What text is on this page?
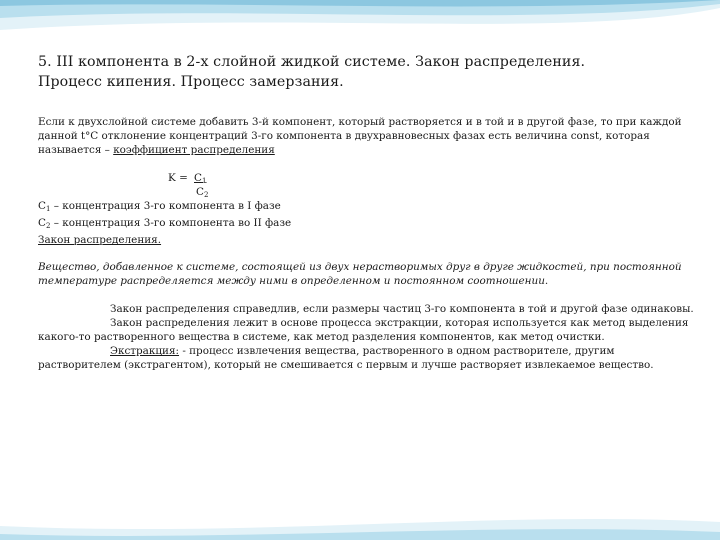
5. III компонента в 2-х слойной жидкой системе. Закон распределения.
Процесс кипения. Процесс замерзания.

Если к двухслойной системе добавить 3-й компонент, который растворяется и в той и в другой фазе, то при каждой данной t°С отклонение концентраций 3-го компонента в двухравновесных фазах есть величина const, которая называется – коэффициент распределения

$K = C_1$
$C_2$

$C_1$ – концентрация 3-го компонента в I фазе

$C_2$ – концентрация 3-го компонента во II фазе

Закон распределения.

Вещество, добавленное к системе, состоящей из двух нерастворимых друг в друге жидкостей, при постоянной температуре распределяется между ними в определенном и постоянном соотношении.

Закон распределения справедлив, если размеры частиц 3-го компонента в той и другой фазе одинаковы.

Закон распределения лежит в основе процесса экстракции, которая используется как метод выделения какого-то растворенного вещества в системе, как метод разделения компонентов, как метод очистки.

Экстракция: - процесс извлечения вещества, растворенного в одном растворителе, другим растворителем (экстрагентом), который не смешивается с первым и лучше растворяет извлекаемое вещество.
